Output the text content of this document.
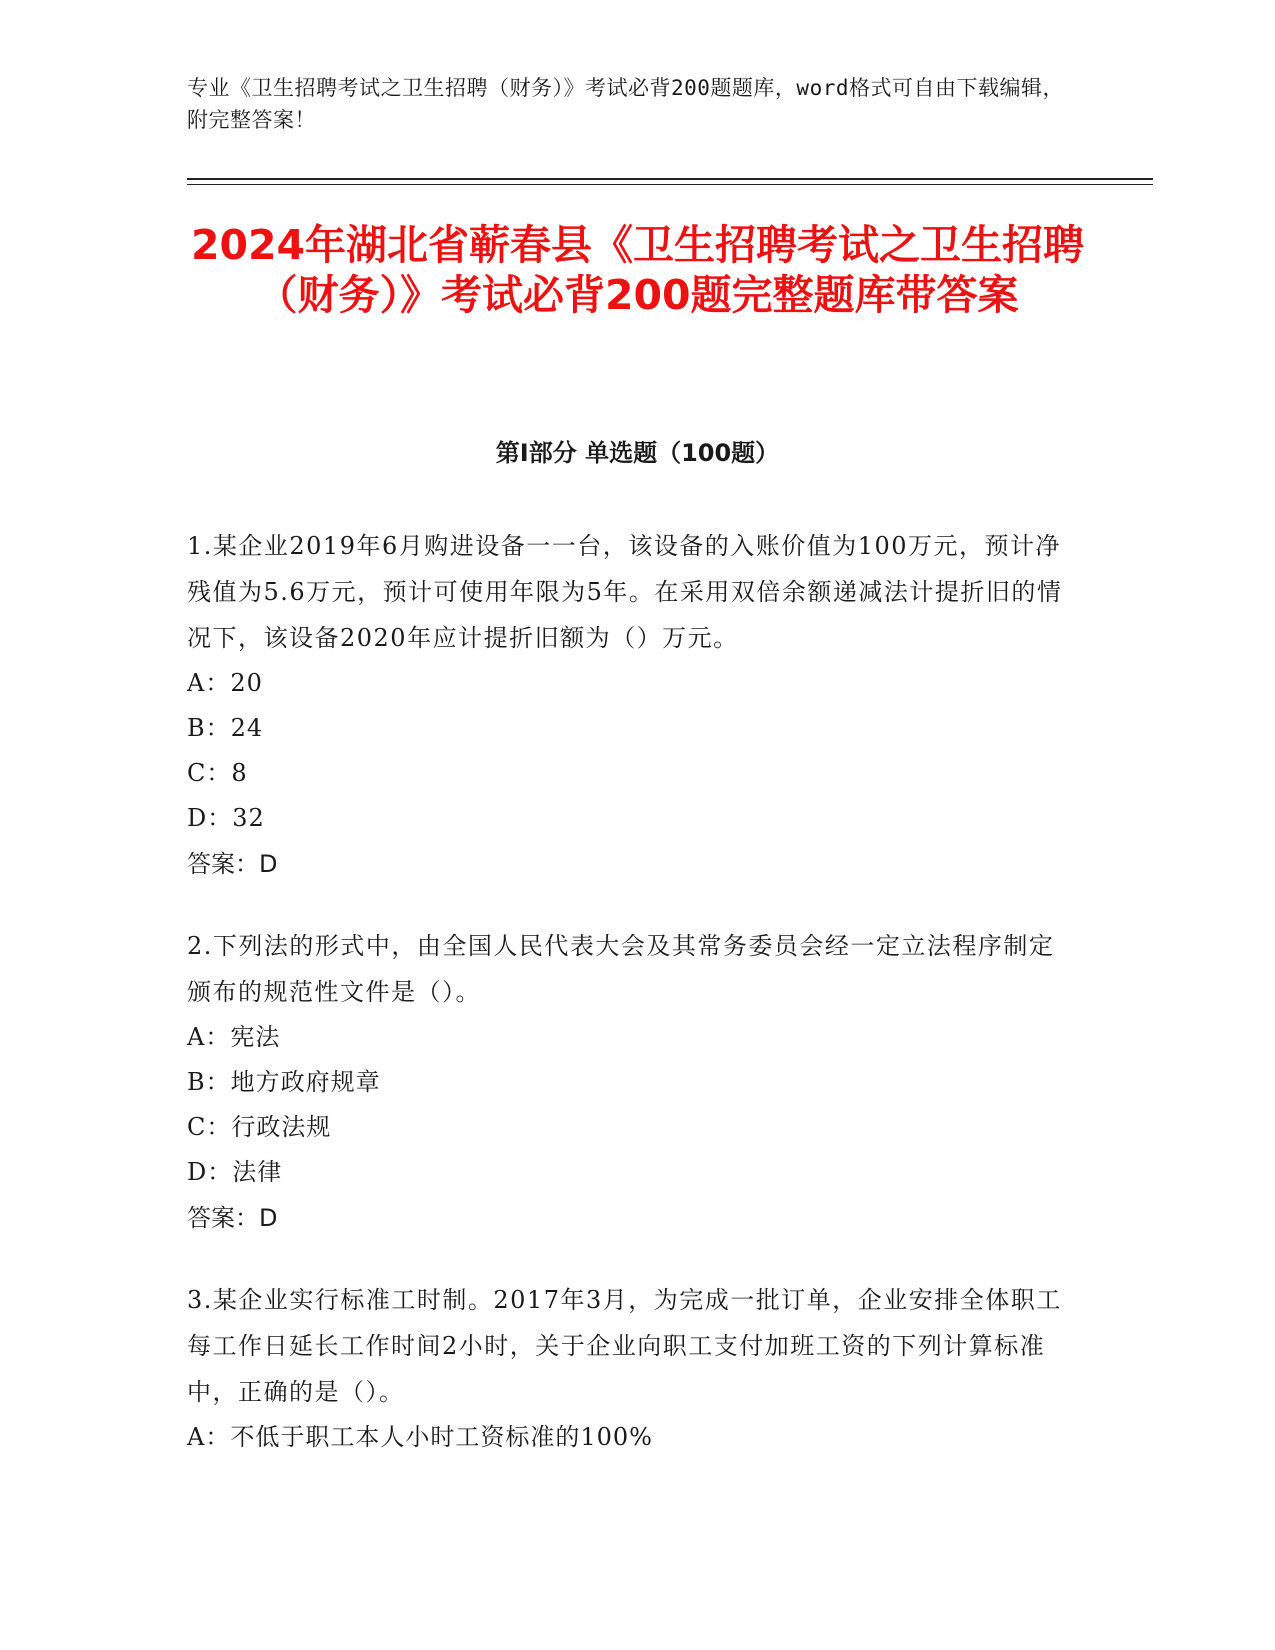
专业《卫生招聘考试之卫生招聘（财务）》考试必背200题题库，word格式可自由下载编辑，附完整答案！
2024年湖北省蕲春县《卫生招聘考试之卫生招聘（财务）》考试必背200题完整题库带答案
第Ⅰ部分 单选题（100题）
1.某企业2019年6月购进设备一一台，该设备的入账价值为100万元，预计净残值为5.6万元，预计可使用年限为5年。在采用双倍余额递减法计提折旧的情况下，该设备2020年应计提折旧额为（）万元。
A：20
B：24
C：8
D：32
答案：D
2.下列法的形式中，由全国人民代表大会及其常务委员会经一定立法程序制定颁布的规范性文件是（）。
A：宪法
B：地方政府规章
C：行政法规
D：法律
答案：D
3.某企业实行标准工时制。2017年3月，为完成一批订单，企业安排全体职工每工作日延长工作时间2小时，关于企业向职工支付加班工资的下列计算标准中，正确的是（）。
A：不低于职工本人小时工资标准的100%
